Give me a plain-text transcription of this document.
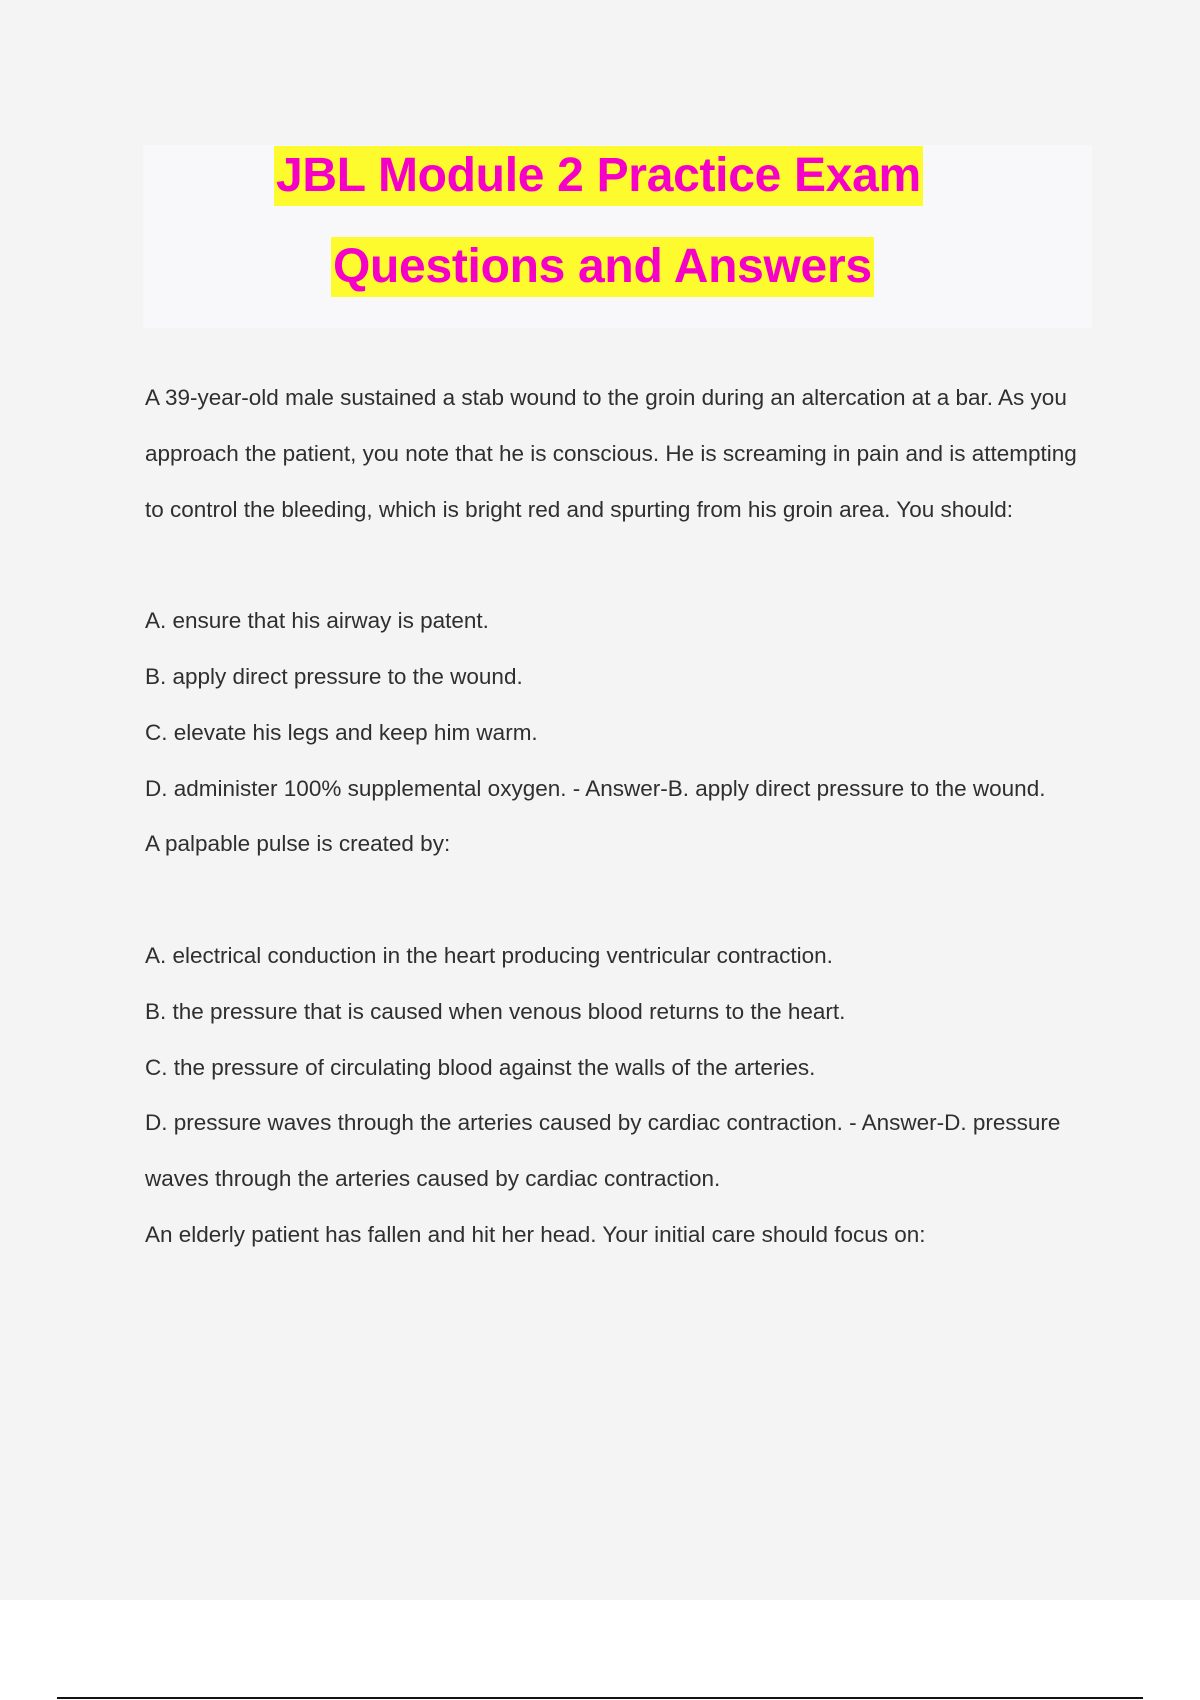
JBL Module 2 Practice Exam
Questions and Answers

A 39-year-old male sustained a stab wound to the groin during an altercation at a bar. As you approach the patient, you note that he is conscious. He is screaming in pain and is attempting to control the bleeding, which is bright red and spurting from his groin area. You should:

A. ensure that his airway is patent.

B. apply direct pressure to the wound.

C. elevate his legs and keep him warm.

D. administer 100% supplemental oxygen. - Answer-B. apply direct pressure to the wound.

A palpable pulse is created by:

A. electrical conduction in the heart producing ventricular contraction.

B. the pressure that is caused when venous blood returns to the heart.

C. the pressure of circulating blood against the walls of the arteries.

D. pressure waves through the arteries caused by cardiac contraction. - Answer-D. pressure waves through the arteries caused by cardiac contraction.

An elderly patient has fallen and hit her head. Your initial care should focus on:
